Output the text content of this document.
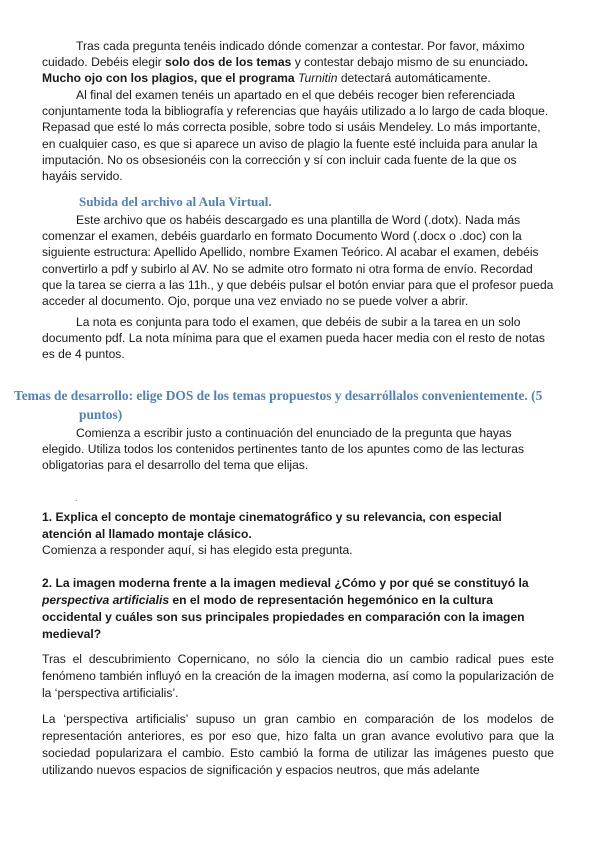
Tras cada pregunta tenéis indicado dónde comenzar a contestar. Por favor, máximo cuidado. Debéis elegir solo dos de los temas y contestar debajo mismo de su enunciado. Mucho ojo con los plagios, que el programa Turnitin detectará automáticamente.

Al final del examen tenéis un apartado en el que debéis recoger bien referenciada conjuntamente toda la bibliografía y referencias que hayáis utilizado a lo largo de cada bloque. Repasad que esté lo más correcta posible, sobre todo si usáis Mendeley. Lo más importante, en cualquier caso, es que si aparece un aviso de plagio la fuente esté incluida para anular la imputación. No os obsesionéis con la corrección y sí con incluir cada fuente de la que os hayáis servido.

Subida del archivo al Aula Virtual.

Este archivo que os habéis descargado es una plantilla de Word (.dotx). Nada más comenzar el examen, debéis guardarlo en formato Documento Word (.docx o .doc) con la siguiente estructura: Apellido Apellido, nombre Examen Teórico. Al acabar el examen, debéis convertirlo a pdf y subirlo al AV. No se admite otro formato ni otra forma de envío. Recordad que la tarea se cierra a las 11h., y que debéis pulsar el botón enviar para que el profesor pueda acceder al documento. Ojo, porque una vez enviado no se puede volver a abrir.

La nota es conjunta para todo el examen, que debéis de subir a la tarea en un solo documento pdf. La nota mínima para que el examen pueda hacer media con el resto de notas es de 4 puntos.

Temas de desarrollo: elige DOS de los temas propuestos y desarróllalos convenientemente. (5 puntos)

Comienza a escribir justo a continuación del enunciado de la pregunta que hayas elegido. Utiliza todos los contenidos pertinentes tanto de los apuntes como de las lecturas obligatorias para el desarrollo del tema que elijas.

.

1. Explica el concepto de montaje cinematográfico y su relevancia, con especial atención al llamado montaje clásico.

Comienza a responder aquí, si has elegido esta pregunta.

2. La imagen moderna frente a la imagen medieval ¿Cómo y por qué se constituyó la perspectiva artificialis en el modo de representación hegemónico en la cultura occidental y cuáles son sus principales propiedades en comparación con la imagen medieval?

Tras el descubrimiento Copernicano, no sólo la ciencia dio un cambio radical pues este fenómeno también influyó en la creación de la imagen moderna, así como la popularización de la ‘perspectiva artificialis’.

La ‘perspectiva artificialis’ supuso un gran cambio en comparación de los modelos de representación anteriores, es por eso que, hizo falta un gran avance evolutivo para que la sociedad popularizara el cambio. Esto cambió la forma de utilizar las imágenes puesto que utilizando nuevos espacios de significación y espacios neutros, que más adelante
